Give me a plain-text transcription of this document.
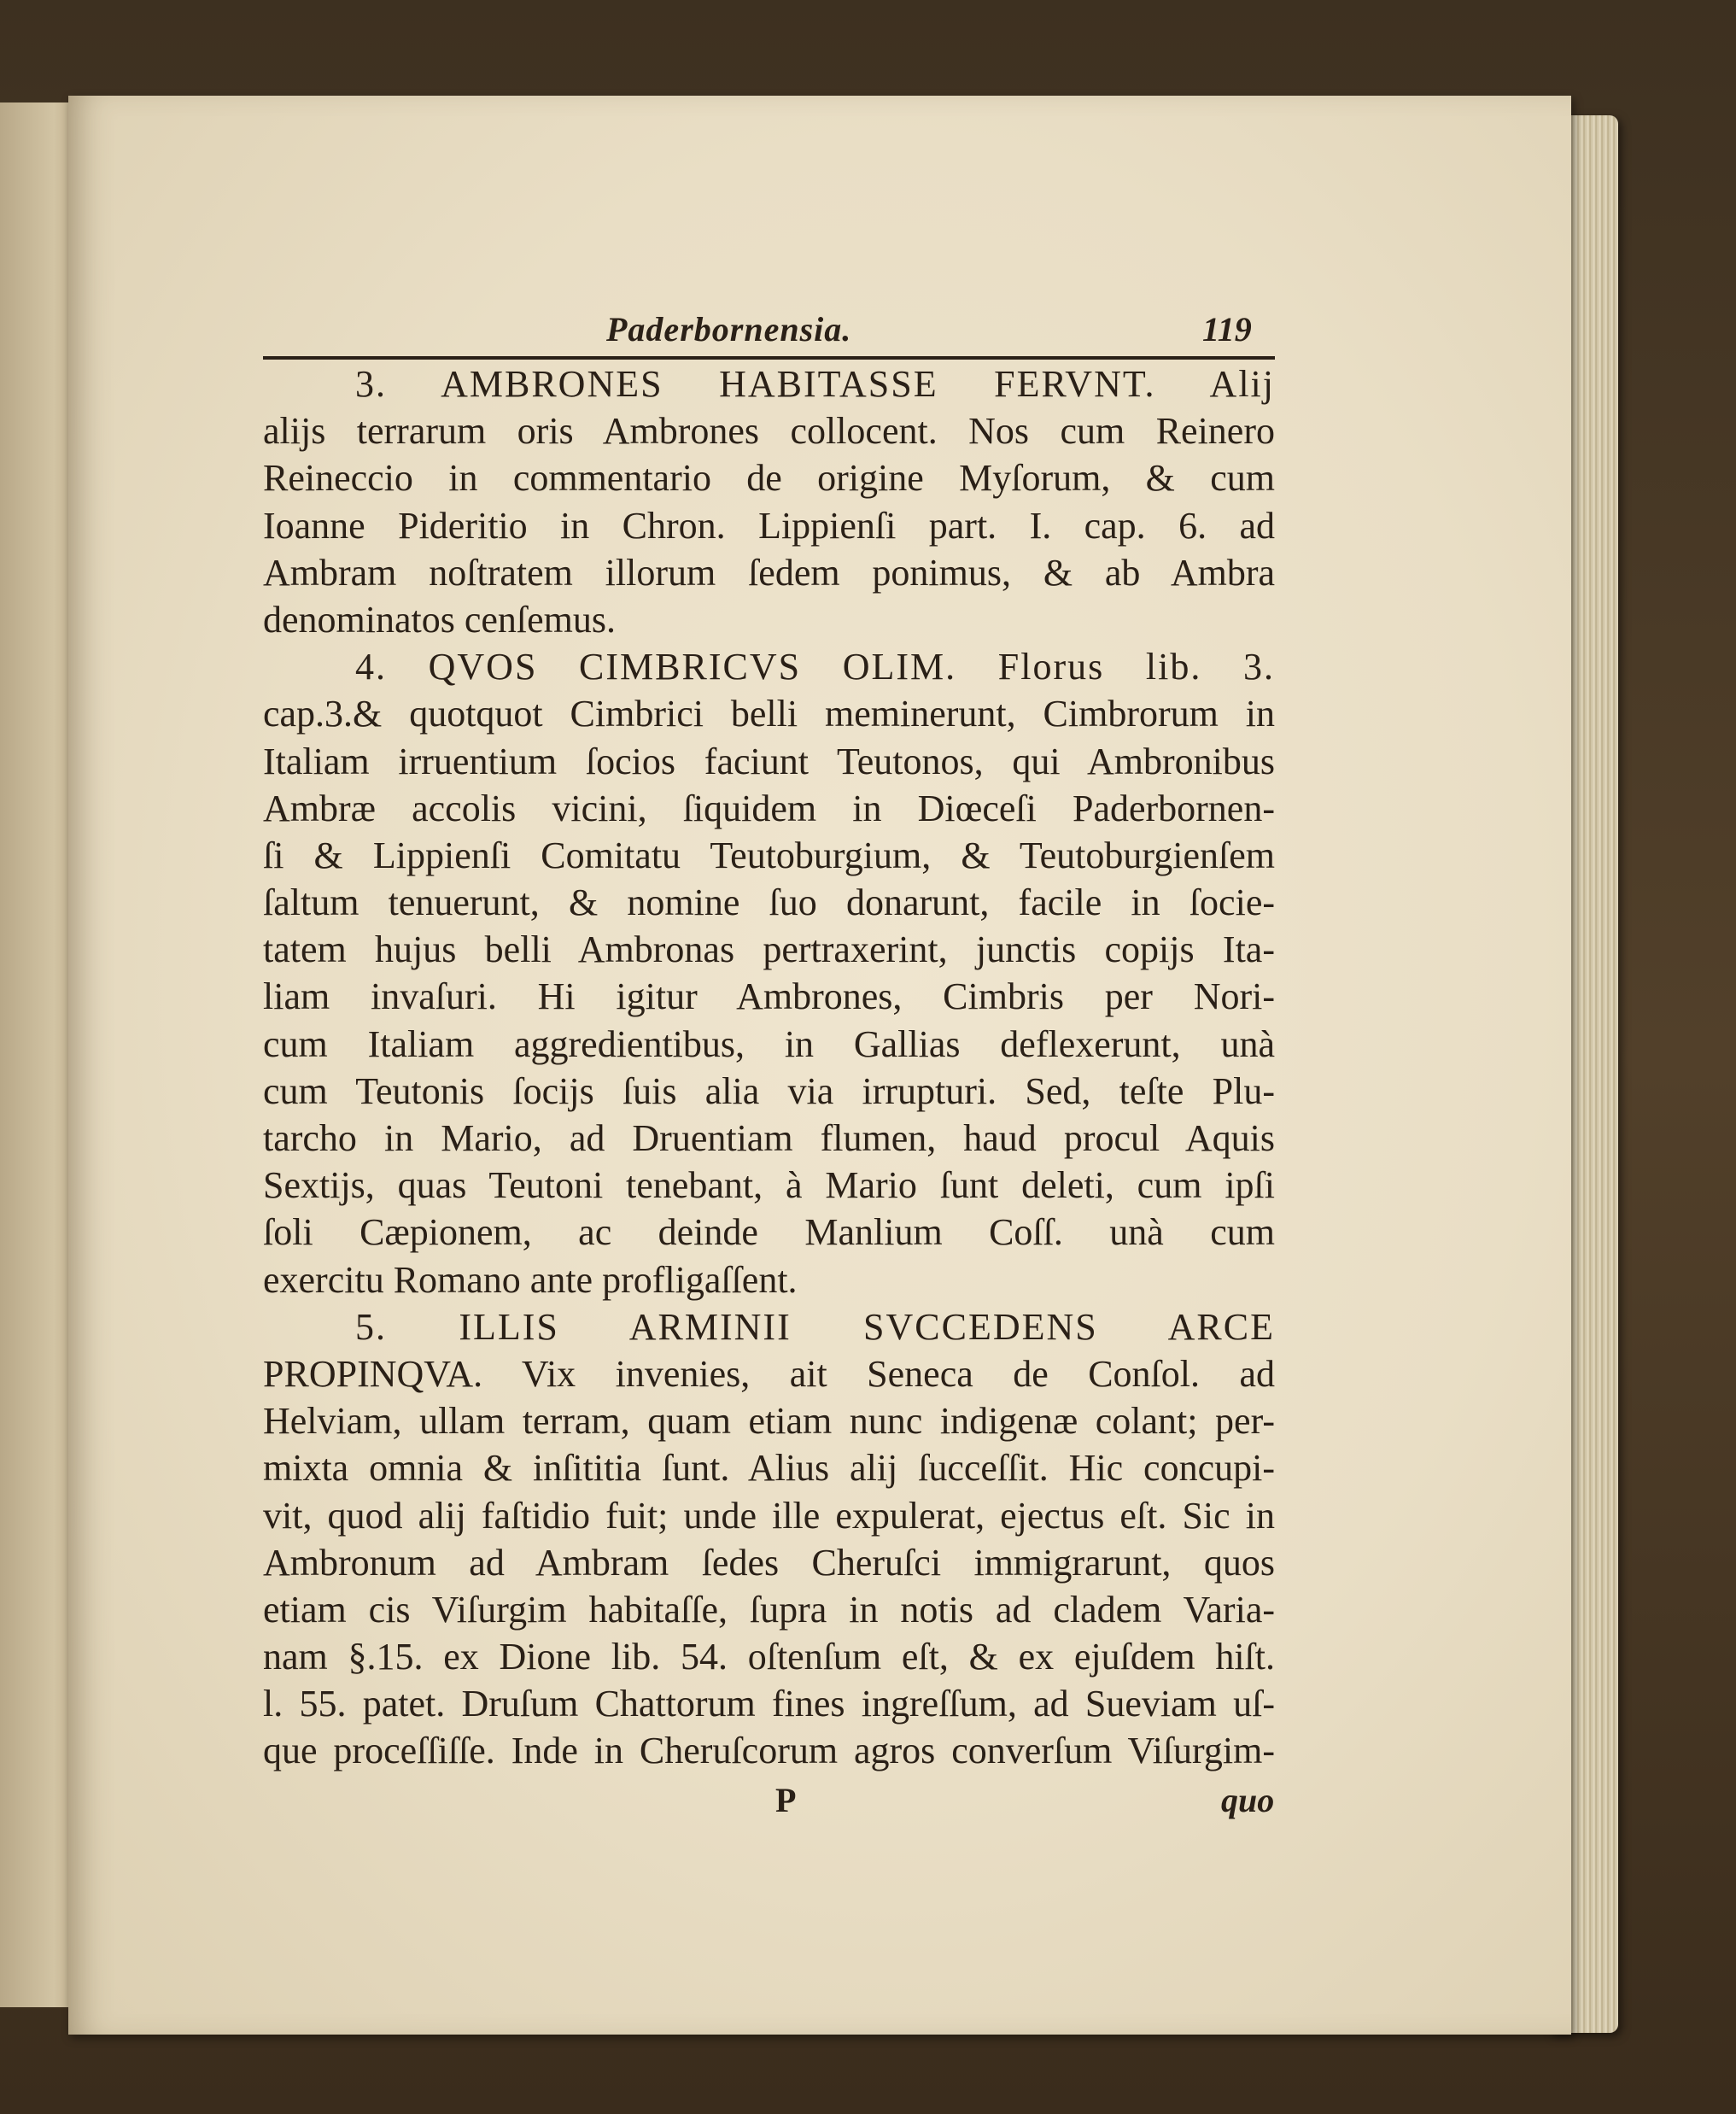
Paderbornensia.	119
3. AMBRONES HABITASSE FERVNT. Alij
alijs terrarum oris Ambrones collocent. Nos cum Reinero
Reineccio in commentario de origine Myſorum, & cum
Ioanne Pideritio in Chron. Lippienſi part. I. cap. 6. ad
Ambram noſtratem illorum ſedem ponimus, & ab Ambra
denominatos cenſemus.
4. QVOS CIMBRICVS OLIM. Florus lib. 3.
cap.3.& quotquot Cimbrici belli meminerunt, Cimbrorum in
Italiam irruentium ſocios faciunt Teutonos, qui Ambronibus
Ambræ accolis vicini, ſiquidem in Diœceſi Paderbornen-
ſi & Lippienſi Comitatu Teutoburgium, & Teutoburgienſem
ſaltum tenuerunt, & nomine ſuo donarunt, facile in ſocie-
tatem hujus belli Ambronas pertraxerint, junctis copijs Ita-
liam invaſuri. Hi igitur Ambrones, Cimbris per Nori-
cum Italiam aggredientibus, in Gallias deflexerunt, unà
cum Teutonis ſocijs ſuis alia via irrupturi. Sed, teſte Plu-
tarcho in Mario, ad Druentiam flumen, haud procul Aquis
Sextijs, quas Teutoni tenebant, à Mario ſunt deleti, cum ipſi
ſoli Cæpionem, ac deinde Manlium Coſſ. unà cum
exercitu Romano ante profligaſſent.
5. ILLIS ARMINII SVCCEDENS ARCE
PROPINQVA. Vix invenies, ait Seneca de Conſol. ad
Helviam, ullam terram, quam etiam nunc indigenæ colant; per-
mixta omnia & inſititia ſunt. Alius alij ſucceſſit. Hic concupi-
vit, quod alij faſtidio fuit; unde ille expulerat, ejectus eſt. Sic in
Ambronum ad Ambram ſedes Cheruſci immigrarunt, quos
etiam cis Viſurgim habitaſſe, ſupra in notis ad cladem Varia-
nam §.15. ex Dione lib. 54. oſtenſum eſt, & ex ejuſdem hiſt.
l. 55. patet. Druſum Chattorum fines ingreſſum, ad Sueviam uſ-
que proceſſiſſe. Inde in Cheruſcorum agros converſum Viſurgim-
P	quo
